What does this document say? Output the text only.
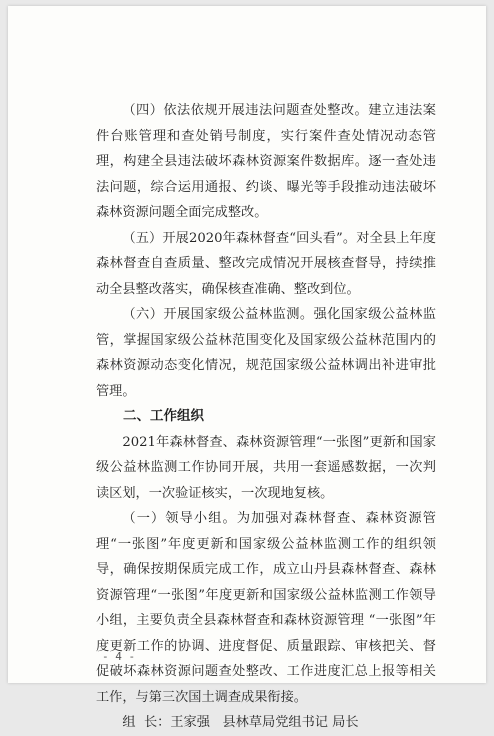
（四）依法依规开展违法问题查处整改。建立违法案件台账管理和查处销号制度，实行案件查处情况动态管理，构建全县违法破坏森林资源案件数据库。逐一查处违法问题，综合运用通报、约谈、曝光等手段推动违法破坏森林资源问题全面完成整改。

（五）开展2020年森林督查“回头看”。对全县上年度森林督查自查质量、整改完成情况开展核查督导，持续推动全县整改落实，确保核查准确、整改到位。

（六）开展国家级公益林监测。强化国家级公益林监管，掌握国家级公益林范围变化及国家级公益林范围内的森林资源动态变化情况，规范国家级公益林调出补进审批管理。

二、工作组织

2021年森林督查、森林资源管理“一张图”更新和国家级公益林监测工作协同开展，共用一套遥感数据，一次判读区划，一次验证核实，一次现地复核。

（一）领导小组。为加强对森林督查、森林资源管理“一张图”年度更新和国家级公益林监测工作的组织领导，确保按期保质完成工作，成立山丹县森林督查、森林资源管理“一张图”年度更新和国家级公益林监测工作领导小组，主要负责全县森林督查和森林资源管理 “一张图”年度更新工作的协调、进度督促、质量跟踪、审核把关、督促破坏森林资源问题查处整改、工作进度汇总上报等相关工作，与第三次国土调查成果衔接。

组  长：王家强   县林草局党组书记 局长

- 4 -
